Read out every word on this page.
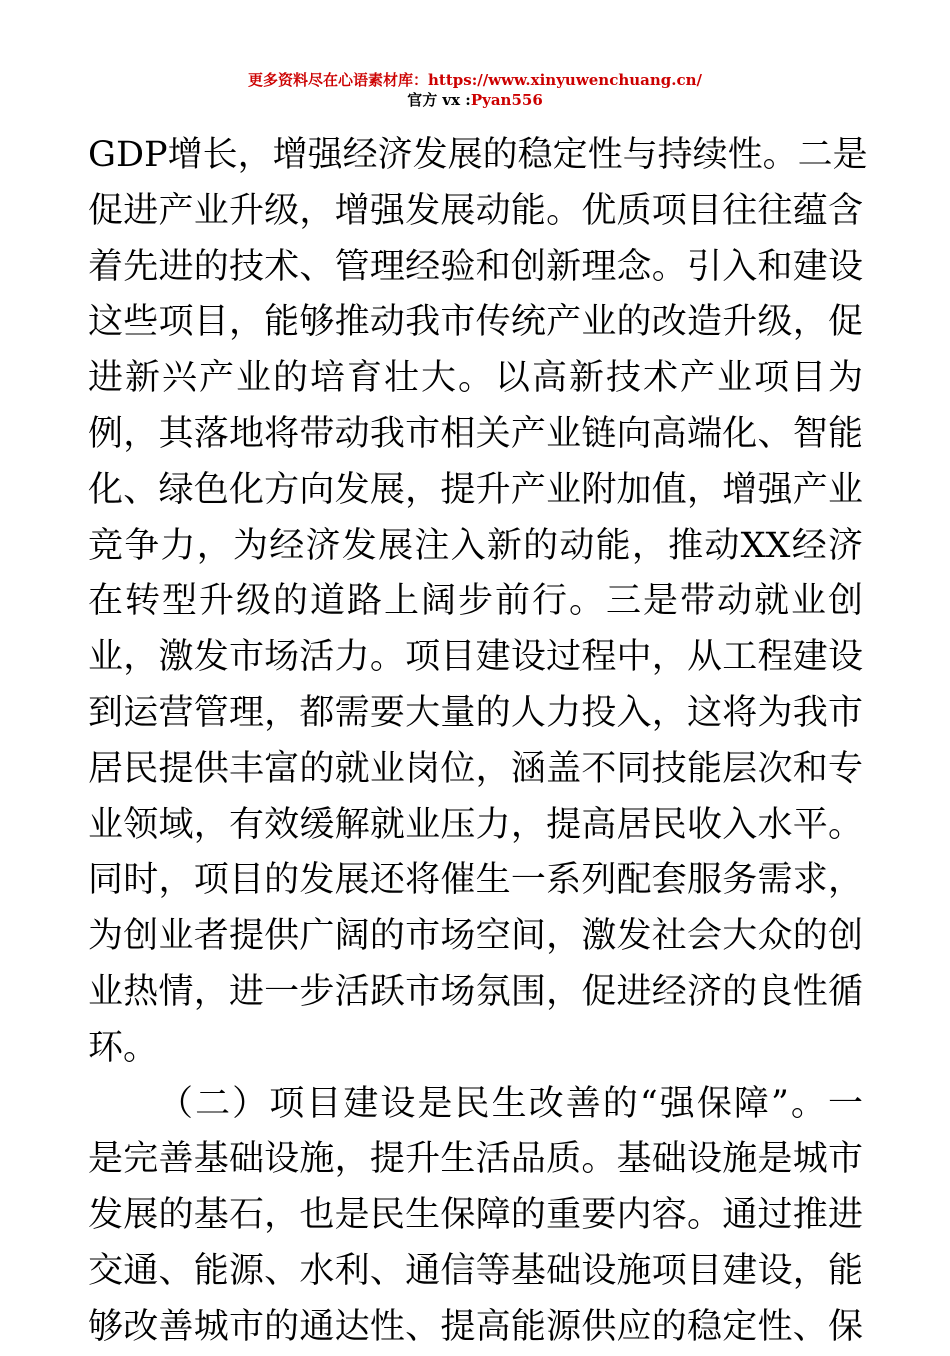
更多资料尽在心语素材库：https://www.xinyuwenchuang.cn/
官方 vx :Pyan556
GDP增长，增强经济发展的稳定性与持续性。二是
促进产业升级，增强发展动能。优质项目往往蕴含
着先进的技术、管理经验和创新理念。引入和建设
这些项目，能够推动我市传统产业的改造升级，促
进新兴产业的培育壮大。以高新技术产业项目为
例，其落地将带动我市相关产业链向高端化、智能
化、绿色化方向发展，提升产业附加值，增强产业
竞争力，为经济发展注入新的动能，推动XX经济
在转型升级的道路上阔步前行。三是带动就业创
业，激发市场活力。项目建设过程中，从工程建设
到运营管理，都需要大量的人力投入，这将为我市
居民提供丰富的就业岗位，涵盖不同技能层次和专
业领域，有效缓解就业压力，提高居民收入水平。
同时，项目的发展还将催生一系列配套服务需求，
为创业者提供广阔的市场空间，激发社会大众的创
业热情，进一步活跃市场氛围，促进经济的良性循
环。
（二）项目建设是民生改善的“强保障”。一
是完善基础设施，提升生活品质。基础设施是城市
发展的基石，也是民生保障的重要内容。通过推进
交通、能源、水利、通信等基础设施项目建设，能
够改善城市的通达性、提高能源供应的稳定性、保
